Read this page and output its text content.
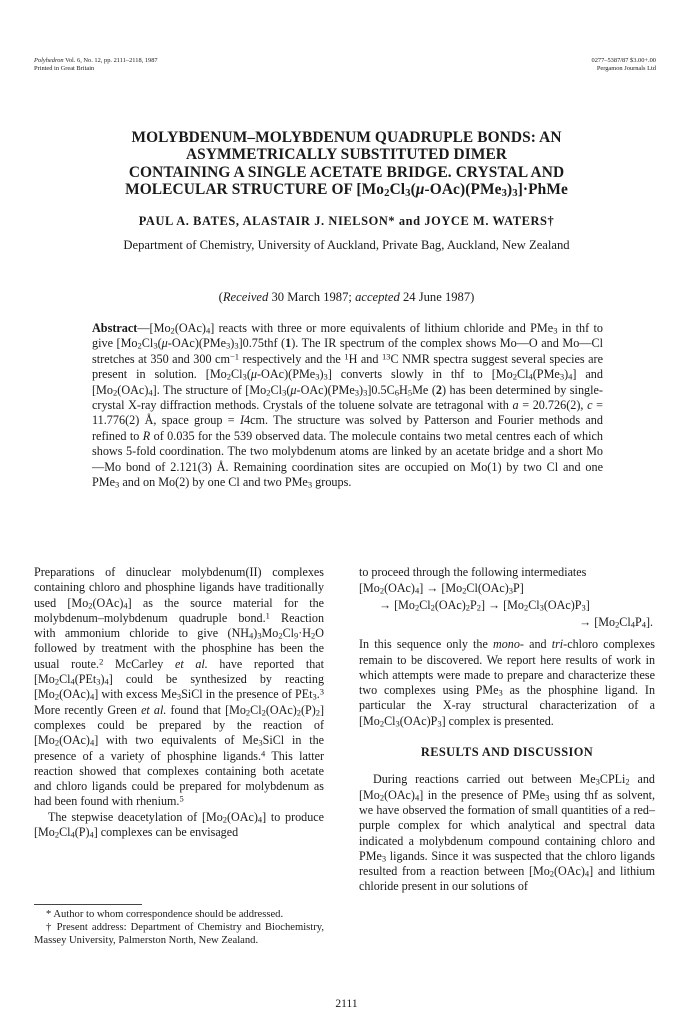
Polyhedron Vol. 6, No. 12, pp. 2111–2118, 1987
Printed in Great Britain
0277–5387/87 $3.00+.00
Pergamon Journals Ltd
MOLYBDENUM–MOLYBDENUM QUADRUPLE BONDS: AN
ASYMMETRICALLY SUBSTITUTED DIMER
CONTAINING A SINGLE ACETATE BRIDGE. CRYSTAL AND
MOLECULAR STRUCTURE OF $[Mo_2Cl_3(\mu-OAc)(PMe_3)_3]\cdot PhMe$
PAUL A. BATES, ALASTAIR J. NIELSON* and JOYCE M. WATERS†
Department of Chemistry, University of Auckland, Private Bag, Auckland, New Zealand
(Received 30 March 1987; accepted 24 June 1987)
$Abstract—[Mo_2(OAc)_4]$ reacts with three or more equivalents of lithium chloride and PMe$_3$ in thf to give $[Mo_2Cl_3(\mu-OAc)(PMe_3)_3]0.75thf$ (1). The IR spectrum of the complex shows Mo—O and Mo—Cl stretches at 350 and 300 $cm^{-1}$ respectively and the $^1$H and $^{13}$C NMR spectra suggest several species are present in solution. $[Mo_2Cl_3(\mu-OAc)(PMe_3)_3]$ converts slowly in thf to $[Mo_2Cl_4(PMe_3)_4]$ and $[Mo_2(OAc)_4]$. The structure of $[Mo_2Cl_3(\mu-OAc)(PMe_3)_3]0.5C_6H_5Me$ (2) has been determined by single-crystal X-ray diffraction methods. Crystals of the toluene solvate are tetragonal with a = 20.726(2), c = 11.776(2) Å, space group = I4cm. The structure was solved by Patterson and Fourier methods and refined to R of 0.035 for the 539 observed data. The molecule contains two metal centres each of which shows 5-fold coordination. The two molybdenum atoms are linked by an acetate bridge and a short Mo—Mo bond of 2.121(3) Å. Remaining coordination sites are occupied on Mo(1) by two Cl and one PMe$_3$ and on Mo(2) by one Cl and two PMe$_3$ groups.

Preparations of dinuclear molybdenum(II) complexes containing chloro and phosphine ligands have traditionally used $[Mo_2(OAc)_4]$ as the source material for the molybdenum–molybdenum quadruple bond.$^1$ Reaction with ammonium chloride to give $(NH_4)_3Mo_2Cl_9\cdot H_2O$ followed by treatment with the phosphine has been the usual route.$^2$ McCarley et al. have reported that $[Mo_2Cl_4(PEt_3)_4]$ could be synthesized by reacting $[Mo_2(OAc)_4]$ with excess $Me_3SiCl$ in the presence of PEt$_3$.$^3$ More recently Green et al. found that $[Mo_2Cl_2(OAc)_2(P)_2]$ complexes could be prepared by the reaction of $[Mo_2(OAc)_4]$ with two equivalents of $Me_3SiCl$ in the presence of a variety of phosphine ligands.$^4$ This latter reaction showed that complexes containing both acetate and chloro ligands could be prepared for molybdenum as had been found with rhenium.$^5$

The stepwise deacetylation of $[Mo_2(OAc)_4]$ to produce $[Mo_2Cl_4(P)_4]$ complexes can be envisaged

to proceed through the following intermediates

$[Mo_2(OAc)_4] \to [Mo_2Cl(OAc)_3P]$
→ $[Mo_2Cl_2(OAc)_2P_2] \to [Mo_2Cl_3(OAc)P_3]$
→ $[Mo_2Cl_4P_4]$.

In this sequence only the mono- and tri-chloro complexes remain to be discovered. We report here results of work in which attempts were made to prepare and characterize these two complexes using PMe$_3$ as the phosphine ligand. In particular the X-ray structural characterization of a $[Mo_2Cl_3(OAc)P_3]$ complex is presented.

RESULTS AND DISCUSSION

During reactions carried out between $Me_3CPLi_2$ and $[Mo_2(OAc)_4]$ in the presence of PMe$_3$ using thf as solvent, we have observed the formation of small quantities of a red–purple complex for which analytical and spectral data indicated a molybdenum compound containing chloro and PMe$_3$ ligands. Since it was suspected that the chloro ligands resulted from a reaction between $[Mo_2(OAc)_4]$ and lithium chloride present in our solutions of

* Author to whom correspondence should be addressed.

† Present address: Department of Chemistry and Biochemistry, Massey University, Palmerston North, New Zealand.

2111
